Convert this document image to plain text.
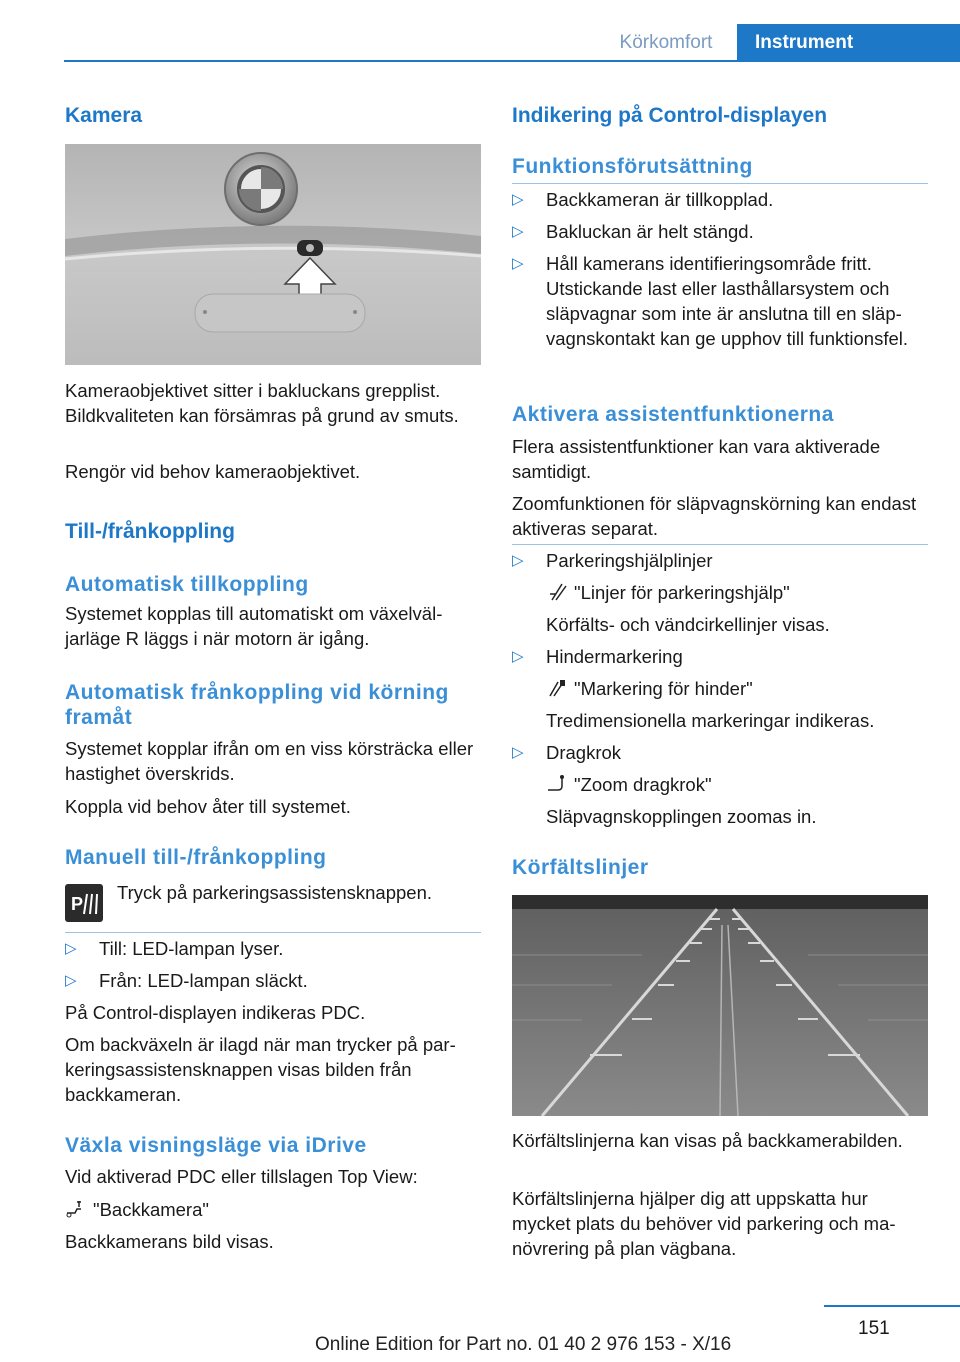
Körkomfort	Instrument
Kamera
Kameraobjektivet sitter i bakluckans grepplist. Bildkvaliteten kan försämras på grund av smuts.
Rengör vid behov kameraobjektivet.
Till-/frånkoppling
Automatisk tillkoppling
Systemet kopplas till automatiskt om växelväljarläge R läggs i när motorn är igång.
Automatisk frånkoppling vid körning framåt
Systemet kopplar ifrån om en viss körsträcka eller hastighet överskrids.
Koppla vid behov åter till systemet.
Manuell till-/frånkoppling
P
Tryck på parkeringsassistensknappen.
▷ Till: LED-lampan lyser.
▷ Från: LED-lampan släckt.
På Control-displayen indikeras PDC.
Om backväxeln är ilagd när man trycker på parkeringsassistensknappen visas bilden från backkameran.
Växla visningsläge via iDrive
Vid aktiverad PDC eller tillslagen Top View:
"Backkamera"
Backkamerans bild visas.
Indikering på Control-displayen
Funktionsförutsättning
▷ Backkameran är tillkopplad.
▷ Bakluckan är helt stängd.
▷ Håll kamerans identifieringsområde fritt. Utstickande last eller lasthållarsystem och släpvagnar som inte är anslutna till en släpvagnskontakt kan ge upphov till funktionsfel.
Aktivera assistentfunktionerna
Flera assistentfunktioner kan vara aktiverade samtidigt.
Zoomfunktionen för släpvagnskörning kan endast aktiveras separat.
▷ Parkeringshjälplinjer
"Linjer för parkeringshjälp"
Körfälts- och vändcirkellinjer visas.
▷ Hindermarkering
"Markering för hinder"
Tredimensionella markeringar indikeras.
▷ Dragkrok
"Zoom dragkrok"
Släpvagnskopplingen zoomas in.
Körfältslinjer
Körfältslinjerna kan visas på backkamerabilden.
Körfältslinjerna hjälper dig att uppskatta hur mycket plats du behöver vid parkering och manövrering på plan vägbana.
151
Online Edition for Part no. 01 40 2 976 153 - X/16
